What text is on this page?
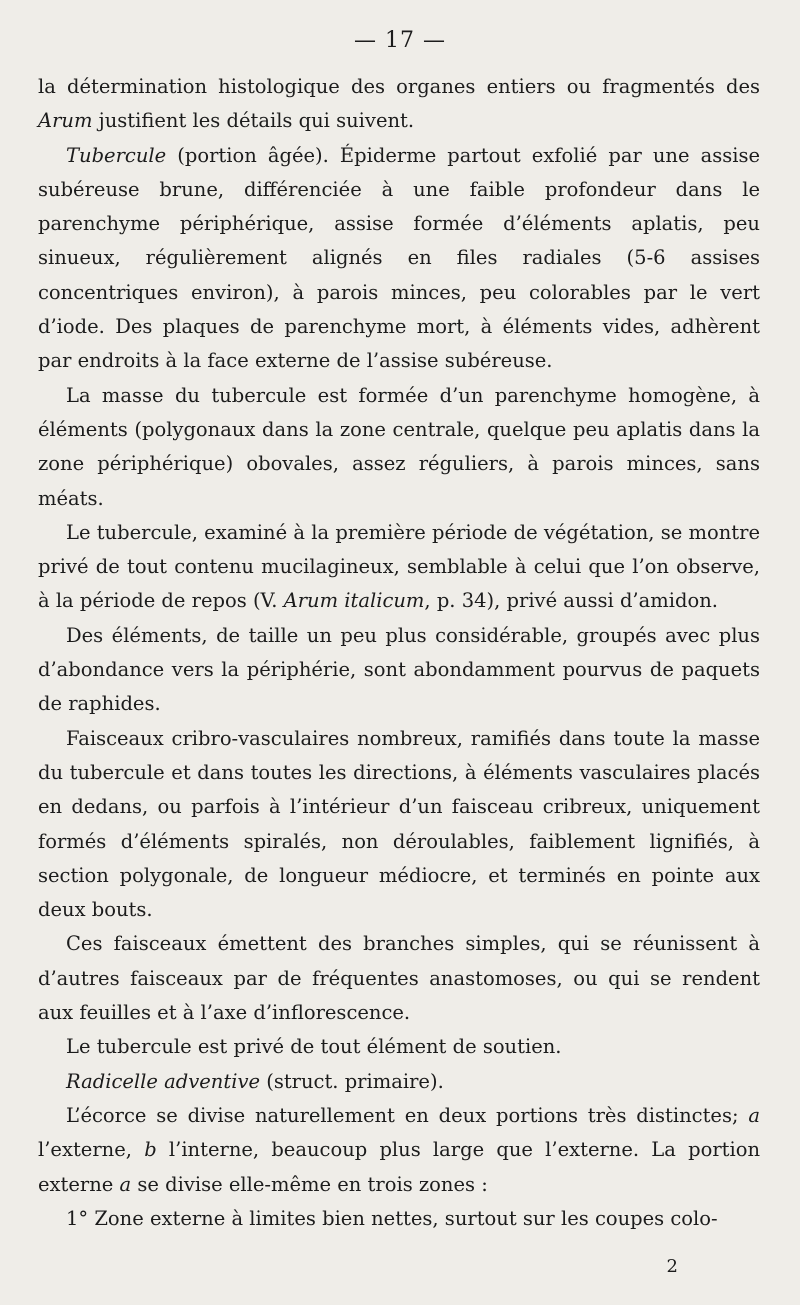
— 17 —

la détermination histologique des organes entiers ou fragmentés des Arum justifient les détails qui suivent.

Tubercule (portion âgée). Épiderme partout exfolié par une assise subéreuse brune, différenciée à une faible profondeur dans le parenchyme périphérique, assise formée d’éléments aplatis, peu sinueux, régulièrement alignés en files radiales (5-6 assises concentriques environ), à parois minces, peu colorables par le vert d’iode. Des plaques de parenchyme mort, à éléments vides, adhèrent par endroits à la face externe de l’assise subéreuse.

La masse du tubercule est formée d’un parenchyme homogène, à éléments (polygonaux dans la zone centrale, quelque peu aplatis dans la zone périphérique) obovales, assez réguliers, à parois minces, sans méats.

Le tubercule, examiné à la première période de végétation, se montre privé de tout contenu mucilagineux, semblable à celui que l’on observe, à la période de repos (V. Arum italicum, p. 34), privé aussi d’amidon.

Des éléments, de taille un peu plus considérable, groupés avec plus d’abondance vers la périphérie, sont abondamment pourvus de paquets de raphides.

Faisceaux cribro-vasculaires nombreux, ramifiés dans toute la masse du tubercule et dans toutes les directions, à éléments vasculaires placés en dedans, ou parfois à l’intérieur d’un faisceau cribreux, uniquement formés d’éléments spiralés, non déroulables, faiblement lignifiés, à section polygonale, de longueur médiocre, et terminés en pointe aux deux bouts.

Ces faisceaux émettent des branches simples, qui se réunissent à d’autres faisceaux par de fréquentes anastomoses, ou qui se rendent aux feuilles et à l’axe d’inflorescence.

Le tubercule est privé de tout élément de soutien.

Radicelle adventive (struct. primaire).

L’écorce se divise naturellement en deux portions très distinctes; a l’externe, b l’interne, beaucoup plus large que l’externe. La portion externe a se divise elle-même en trois zones :

1° Zone externe à limites bien nettes, surtout sur les coupes colo-

2
